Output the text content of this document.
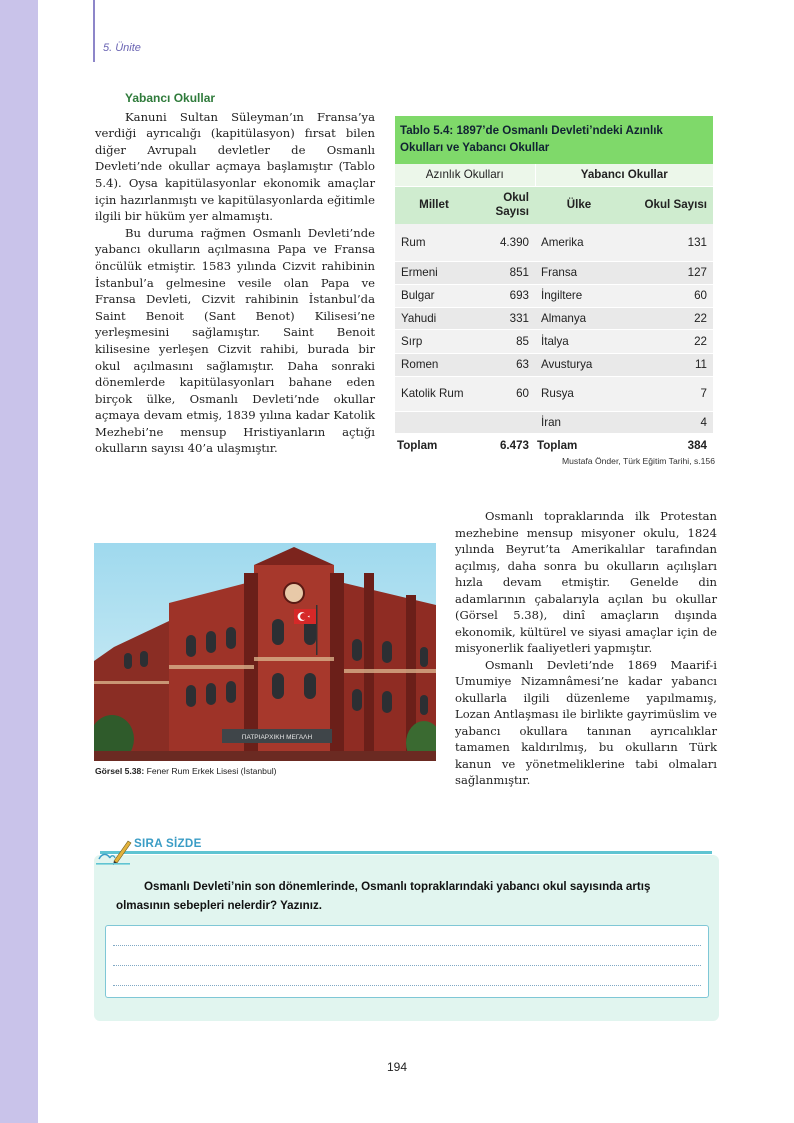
5. Ünite
Yabancı Okullar

Kanuni Sultan Süleyman’ın Fransa’ya verdiği ayrıcalığı (kapitülasyon) fırsat bilen diğer Avrupalı devletler de Osmanlı Devleti’nde okullar açmaya başlamıştır (Tablo 5.4). Oysa kapitülasyonlar ekonomik amaçlar için hazırlanmıştı ve kapitülasyonlarda eğitimle ilgili bir hüküm yer almamıştı.

Bu duruma rağmen Osmanlı Devleti’nde yabancı okulların açılmasına Papa ve Fransa öncülük etmiştir. 1583 yılında Cizvit rahibinin İstanbul’a gelmesine vesile olan Papa ve Fransa Devleti, Cizvit rahibinin İstanbul’da Saint Benoit (Sant Benot) Kilisesi’ne yerleşmesini sağlamıştır. Saint Benoit kilisesine yerleşen Cizvit rahibi, burada bir okul açılmasını sağlamıştır. Daha sonraki dönemlerde kapitülasyonları bahane eden birçok ülke, Osmanlı Devleti’nde okullar açmaya devam etmiş, 1839 yılına kadar Katolik Mezhebi’ne mensup Hristiyanların açtığı okulların sayısı 40’a ulaşmıştır.

Tablo 5.4: 1897’de Osmanlı Devleti’ndeki Azınlık Okulları ve Yabancı Okullar
Azınlık Okulları		Yabancı Okullar	
Millet	Okul Sayısı	Ülke	Okul Sayısı
Rum	4.390	Amerika	131
Ermeni	851	Fransa	127
Bulgar	693	İngiltere	60
Yahudi	331	Almanya	22
Sırp	85	İtalya	22
Romen	63	Avusturya	11
Katolik Rum	60	Rusya	7
		İran	4
Toplam	6.473	Toplam	384
Mustafa Önder, Türk Eğitim Tarihi, s.156
ΠΑΤΡΙΑΡΧΙΚΗ ΜΕΓΑΛΗ
Görsel 5.38: Fener Rum Erkek Lisesi (İstanbul)

Osmanlı topraklarında ilk Protestan mezhebine mensup misyoner okulu, 1824 yılında Beyrut’ta Amerikalılar tarafından açılmış, daha sonra bu okulların açılışları hızla devam etmiştir. Genelde din adamlarının çabalarıyla açılan bu okullar (Görsel 5.38), dinî amaçların dışında ekonomik, kültürel ve siyasi amaçlar için de misyonerlik faaliyetleri yapmıştır.

Osmanlı Devleti’nde 1869 Maarif-i Umumiye Nizamnâmesi’ne kadar yabancı okullarla ilgili düzenleme yapılmamış, Lozan Antlaşması ile birlikte gayrimüslim ve yabancı okullara tanınan ayrıcalıklar tamamen kaldırılmış, bu okulların Türk kanun ve yönetmeliklerine tabi olmaları sağlanmıştır.

SIRA SİZDE
Osmanlı Devleti’nin son dönemlerinde, Osmanlı topraklarındaki yabancı okul sayısında artış olmasının sebepleri nelerdir? Yazınız.
194
